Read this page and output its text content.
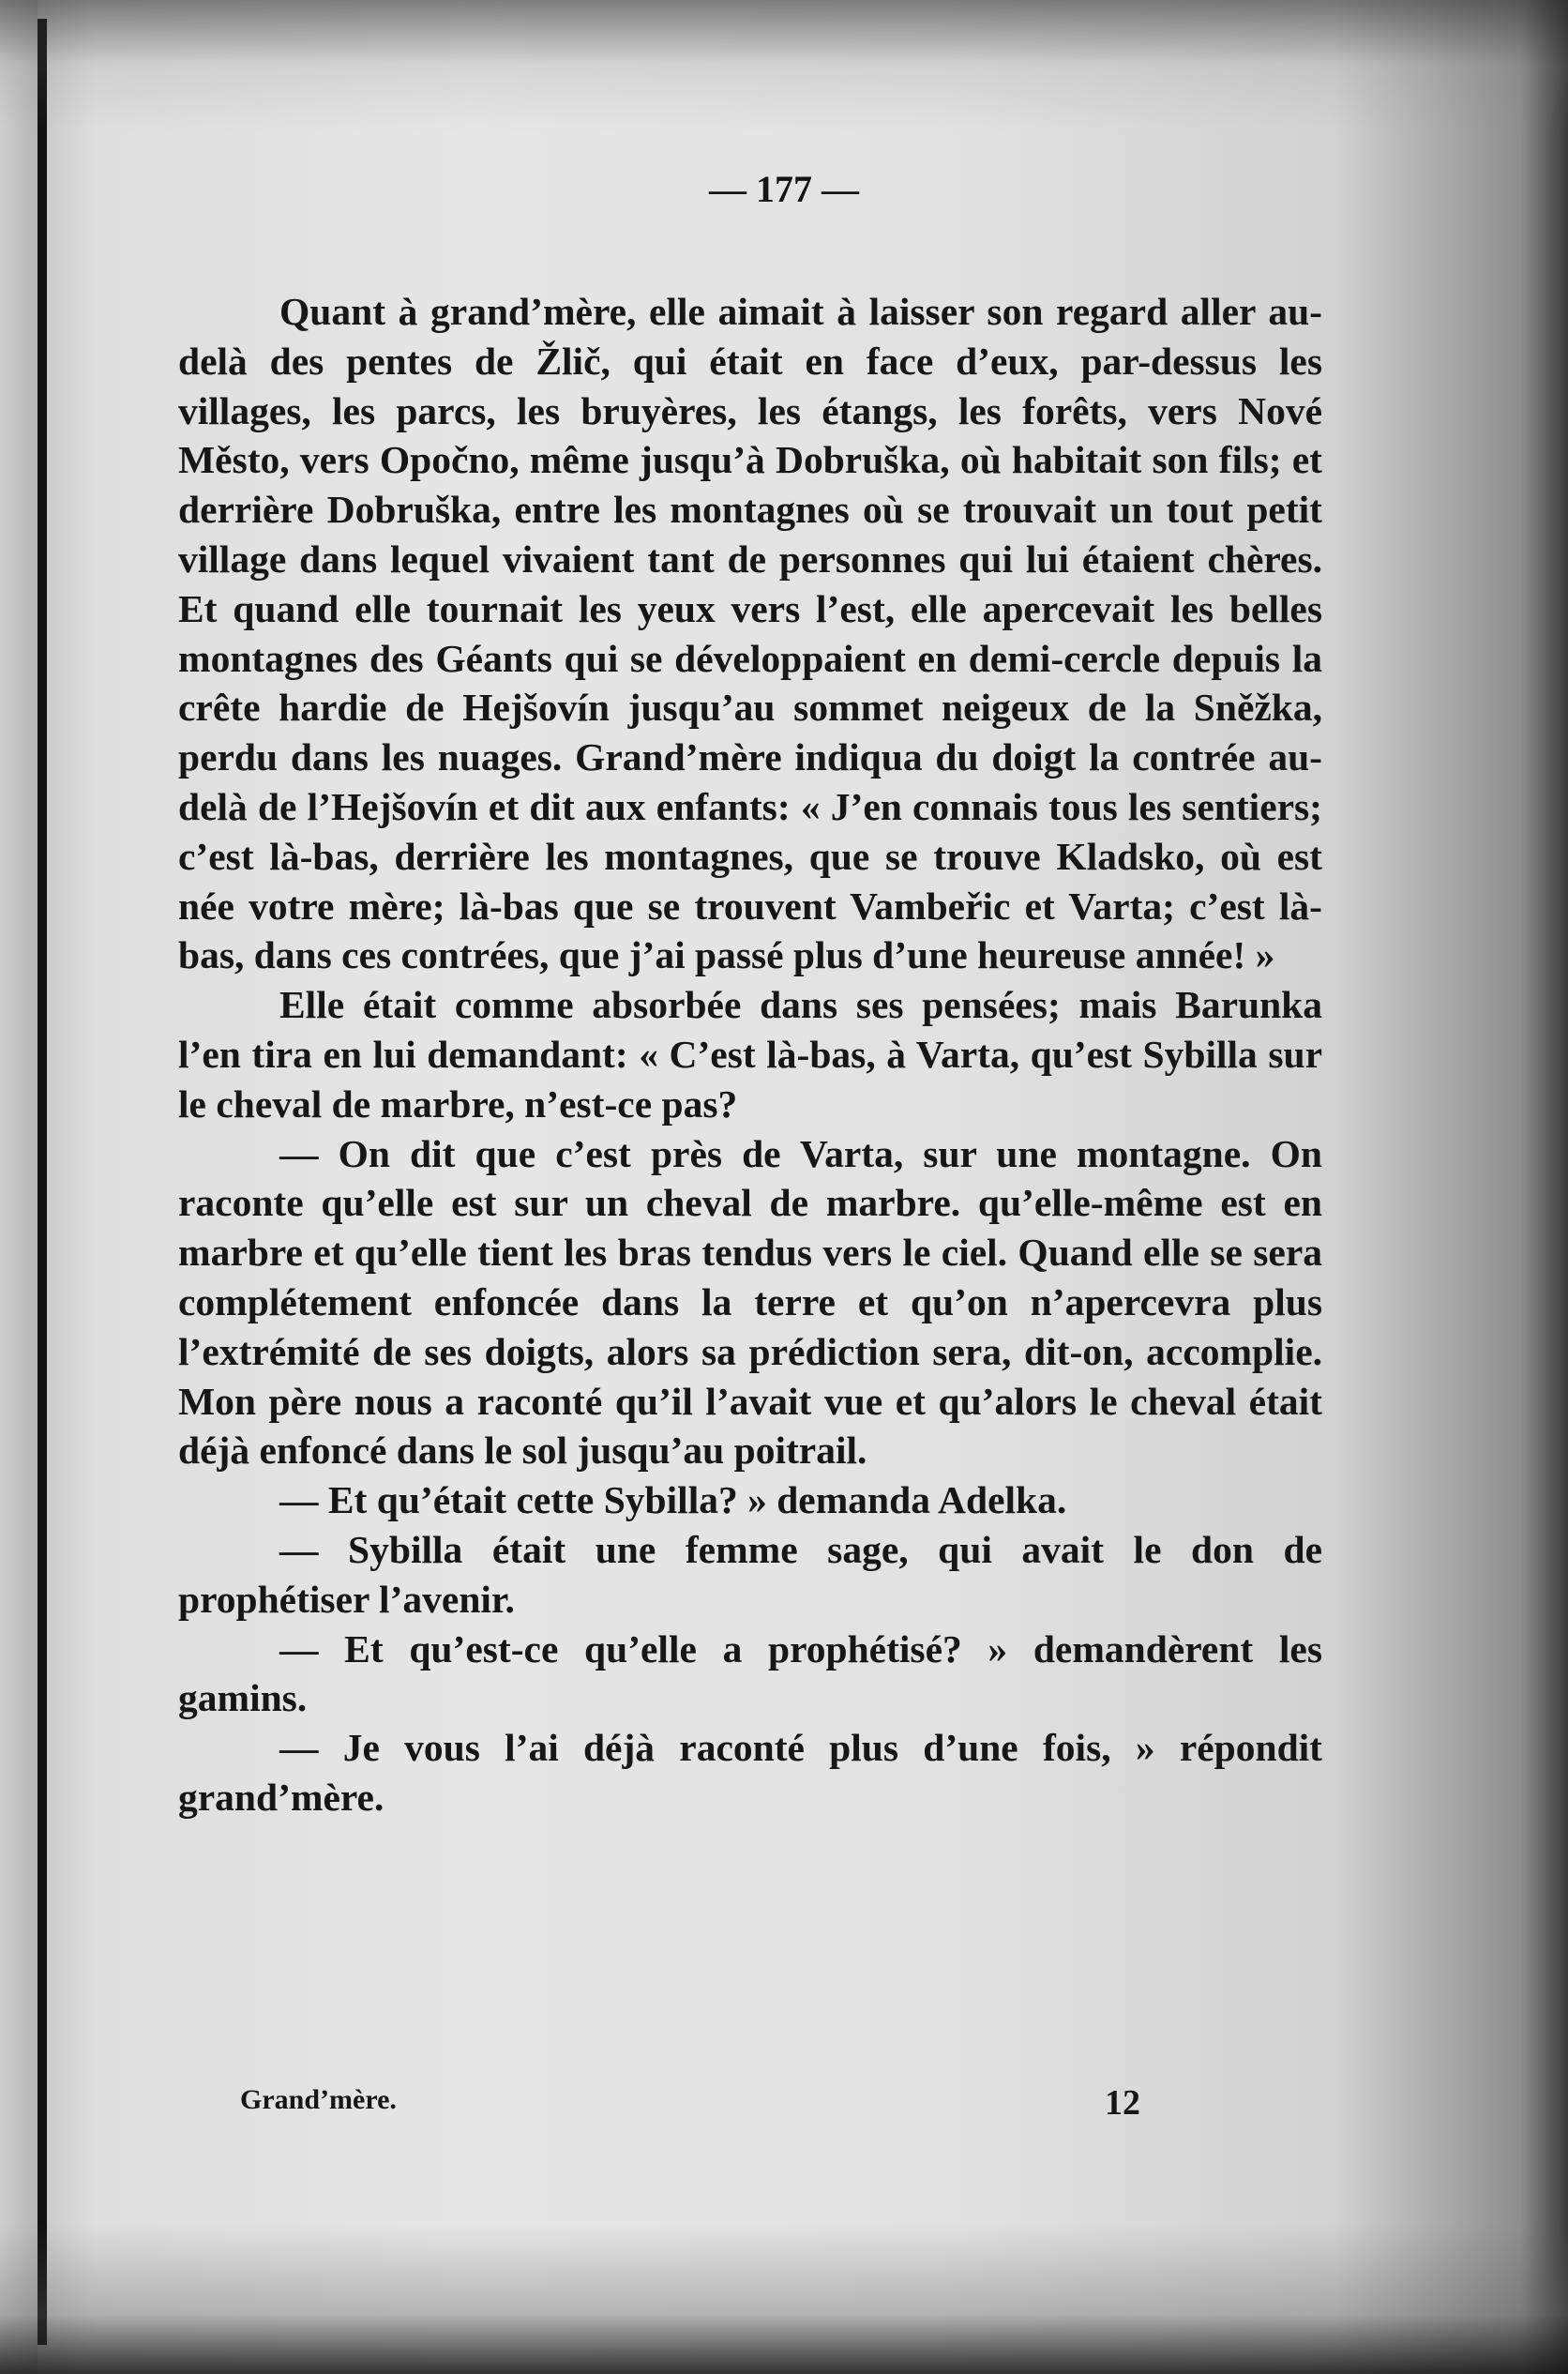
— 177 —

Quant à grand’mère, elle aimait à laisser son regard aller au-delà des pentes de Žlič, qui était en face d’eux, par-dessus les villages, les parcs, les bruyères, les étangs, les forêts, vers Nové Město, vers Opočno, même jusqu’à Dobruška, où habitait son fils; et derrière Dobruška, entre les montagnes où se trouvait un tout petit village dans lequel vivaient tant de personnes qui lui étaient chères. Et quand elle tournait les yeux vers l’est, elle apercevait les belles montagnes des Géants qui se développaient en demi-cercle depuis la crête hardie de Hejšovín jusqu’au sommet neigeux de la Sněžka, perdu dans les nuages. Grand’mère indiqua du doigt la contrée au-delà de l’Hejšovín et dit aux enfants: « J’en connais tous les sentiers; c’est là-bas, derrière les montagnes, que se trouve Kladsko, où est née votre mère; là-bas que se trouvent Vambeřic et Varta; c’est là-bas, dans ces contrées, que j’ai passé plus d’une heureuse année! »

Elle était comme absorbée dans ses pensées; mais Barunka l’en tira en lui demandant: « C’est là-bas, à Varta, qu’est Sybilla sur le cheval de marbre, n’est-ce pas?

— On dit que c’est près de Varta, sur une montagne. On raconte qu’elle est sur un cheval de marbre. qu’elle-même est en marbre et qu’elle tient les bras tendus vers le ciel. Quand elle se sera complétement enfoncée dans la terre et qu’on n’apercevra plus l’extrémité de ses doigts, alors sa prédiction sera, dit-on, accomplie. Mon père nous a raconté qu’il l’avait vue et qu’alors le cheval était déjà enfoncé dans le sol jusqu’au poitrail.

— Et qu’était cette Sybilla? » demanda Adelka.

— Sybilla était une femme sage, qui avait le don de prophétiser l’avenir.

— Et qu’est-ce qu’elle a prophétisé? » demandèrent les gamins.

— Je vous l’ai déjà raconté plus d’une fois, » répondit grand’mère.

Grand’mère.	12
